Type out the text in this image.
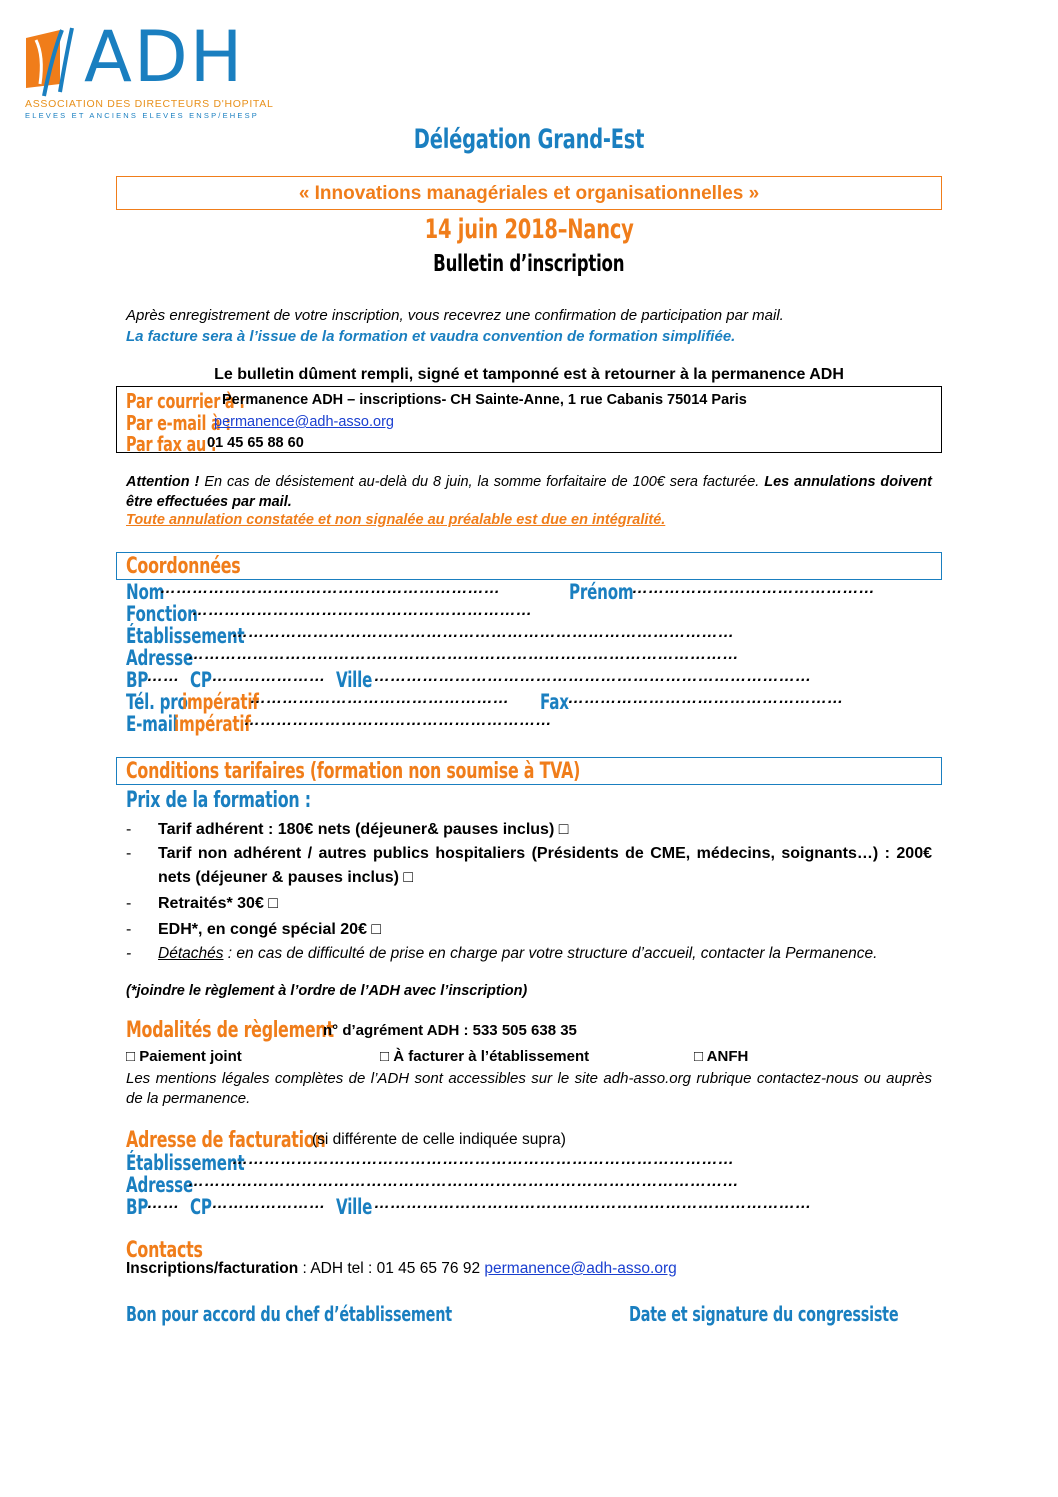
ADH
ASSOCIATION DES DIRECTEURS D'HOPITAL
ELEVES ET ANCIENS ELEVES ENSP/EHESP
Délégation Grand-Est
« Innovations managériales et organisationnelles »
14 juin 2018–Nancy
Bulletin d’inscription
Après enregistrement de votre inscription, vous recevrez une confirmation de participation par mail.
La facture sera à l’issue de la formation et vaudra convention de formation simplifiée.
Le bulletin dûment rempli, signé et tamponné est à retourner à la permanence ADH
Par courrier à :
Permanence ADH – inscriptions- CH Sainte-Anne, 1 rue Cabanis 75014 Paris
Par e-mail à :
permanence@adh-asso.org
Par fax au :
01 45 65 88 60
Attention ! En cas de désistement au-delà du 8 juin, la somme forfaitaire de 100€ sera facturée. Les annulations doivent être effectuées par mail.
Toute annulation constatée et non signalée au préalable est due en intégralité.
Coordonnées
Nom
………………………………………………………	Prénom
………………………………………
Fonction
………………………………………………………
Établissement
…………………………………………………………………………………
Adresse
…………………………………………………………………………………………
BP
…… CP ………………… Ville ………………………………………………………………………
Tél. pro
impératif
………………………………………… Fax ……………………………………………
E-mail
impératif
…………………………………………………
Conditions tarifaires (formation non soumise à TVA)
Prix de la formation :
- Tarif adhérent : 180€ nets (déjeuner& pauses inclus) □
- Tarif non adhérent / autres publics hospitaliers (Présidents de CME, médecins, soignants…) : 200€ nets (déjeuner & pauses inclus) □
- Retraités* 30€ □
- EDH*, en congé spécial 20€ □
- Détachés : en cas de difficulté de prise en charge par votre structure d’accueil, contacter la Permanence.
(*joindre le règlement à l’ordre de l’ADH avec l’inscription)
Modalités de règlement
n° d’agrément ADH : 533 505 638 35
□ Paiement joint	□ À facturer à l’établissement	□ ANFH
Les mentions légales complètes de l’ADH sont accessibles sur le site adh-asso.org rubrique contactez-nous ou auprès de la permanence.
Adresse de facturation
(si différente de celle indiquée supra)
Établissement
…………………………………………………………………………………
Adresse
…………………………………………………………………………………………
BP
…… CP ………………… Ville ………………………………………………………………………
Contacts
Inscriptions/facturation : ADH tel : 01 45 65 76 92 permanence@adh-asso.org
Bon pour accord du chef d’établissement	Date et signature du congressiste
